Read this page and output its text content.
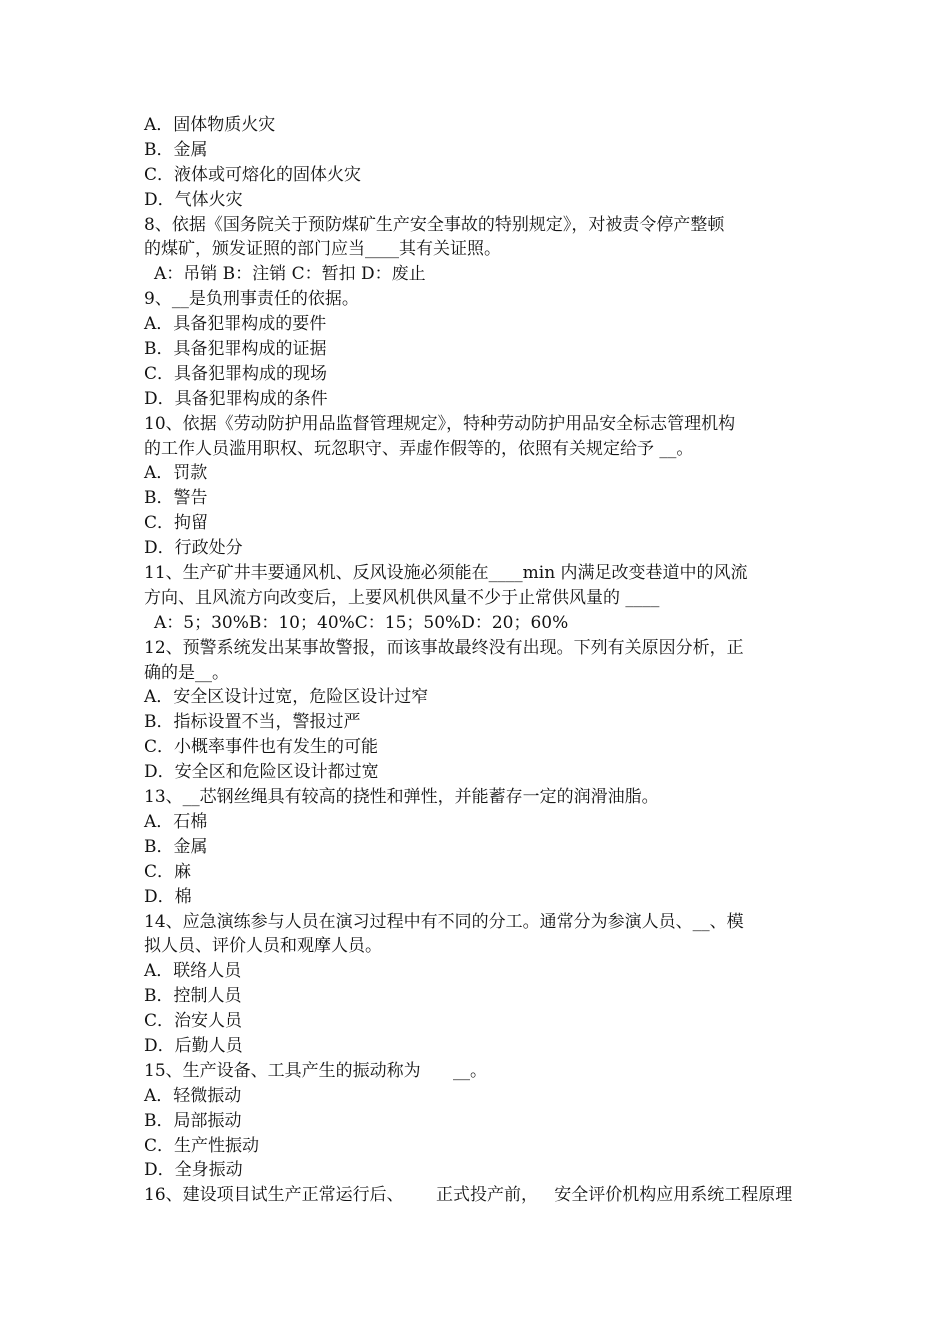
A．固体物质火灾
B．金属
C．液体或可熔化的固体火灾
D．气体火灾
8、依据《国务院关于预防煤矿生产安全事故的特别规定》，对被责令停产整顿
的煤矿，颁发证照的部门应当____其有关证照。
A：吊销 B：注销 C：暂扣 D：废止
9、__是负刑事责任的依据。
A．具备犯罪构成的要件
B．具备犯罪构成的证据
C．具备犯罪构成的现场
D．具备犯罪构成的条件
10、依据《劳动防护用品监督管理规定》，特种劳动防护用品安全标志管理机构
的工作人员滥用职权、玩忽职守、弄虚作假等的，依照有关规定给予 __。
A．罚款
B．警告
C．拘留
D．行政处分
11、生产矿井丰要通风机、反风设施必须能在____min 内满足改变巷道中的风流
方向、且风流方向改变后，上要风机供风量不少于止常供风量的 ____
A：5；30%B：10；40%C：15；50%D：20；60%
12、预警系统发出某事故警报，而该事故最终没有出现。下列有关原因分析，正
确的是__。
A．安全区设计过宽，危险区设计过窄
B．指标设置不当，警报过严
C．小概率事件也有发生的可能
D．安全区和危险区设计都过宽
13、__芯钢丝绳具有较高的挠性和弹性，并能蓄存一定的润滑油脂。
A．石棉
B．金属
C．麻
D．棉
14、应急演练参与人员在演习过程中有不同的分工。通常分为参演人员、__、模
拟人员、评价人员和观摩人员。
A．联络人员
B．控制人员
C．治安人员
D．后勤人员
15、生产设备、工具产生的振动称为      __。
A．轻微振动
B．局部振动
C．生产性振动
D．全身振动
16、建设项目试生产正常运行后、      正式投产前，   安全评价机构应用系统工程原理
